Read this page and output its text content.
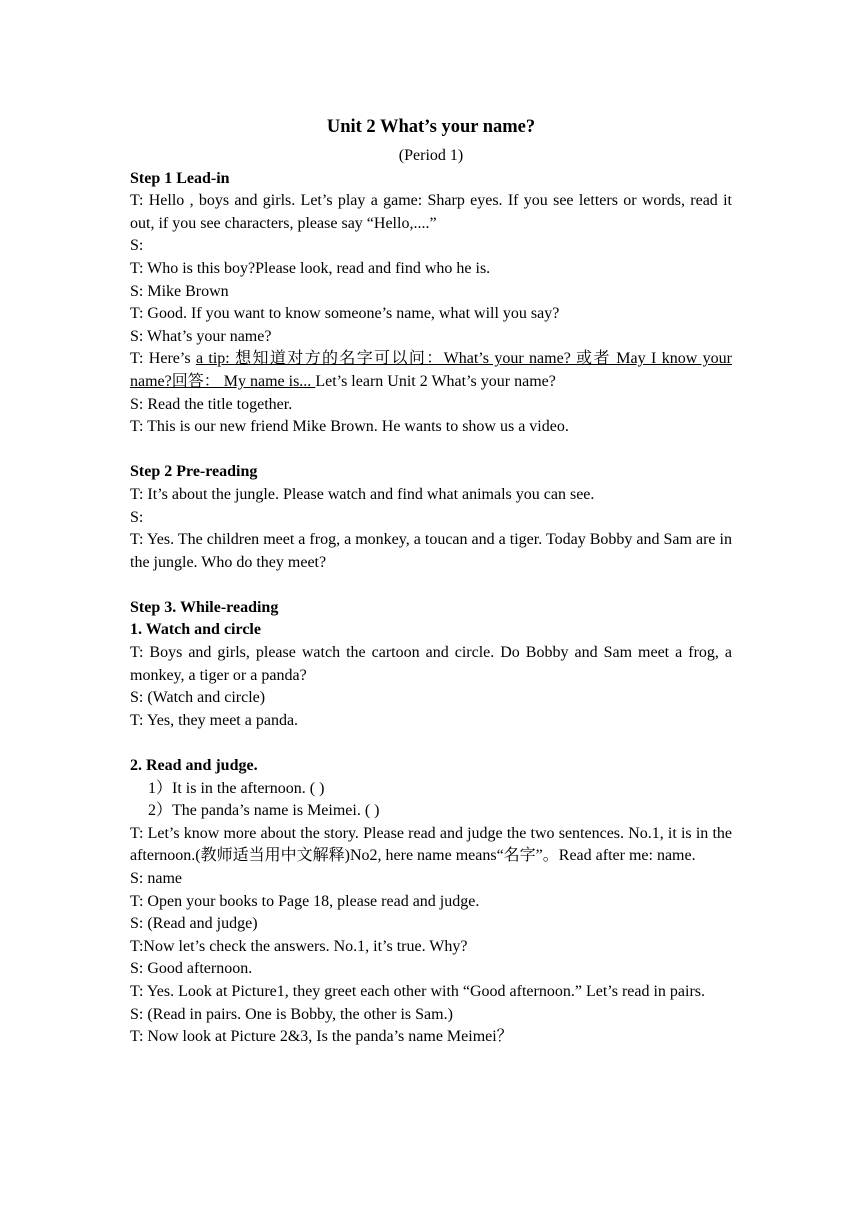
Unit 2 What’s your name?

(Period 1)

Step 1 Lead-in

T: Hello , boys and girls. Let’s play a game: Sharp eyes. If you see letters or words, read it out, if you see characters, please say “Hello,....”

S:

T: Who is this boy?Please look, read and find who he is.

S: Mike Brown

T: Good. If you want to know someone’s name, what will you say?

S: What’s your name?

T: Here’s a tip: 想知道对方的名字可以问：What’s your name? 或者 May I know your name?回答： My name is... Let’s learn Unit 2 What’s your name?

S: Read the title together.

T: This is our new friend Mike Brown. He wants to show us a video.

Step 2 Pre-reading

T: It’s about the jungle. Please watch and find what animals you can see.

S:

T: Yes. The children meet a frog, a monkey, a toucan and a tiger. Today Bobby and Sam are in the jungle. Who do they meet?

Step 3. While-reading

1. Watch and circle

T: Boys and girls, please watch the cartoon and circle. Do Bobby and Sam meet a frog, a monkey, a tiger or a panda?

S: (Watch and circle)

T: Yes, they meet a panda.

2. Read and judge.

1）It is in the afternoon. ( )

2）The panda’s name is Meimei. ( )

T: Let’s know more about the story. Please read and judge the two sentences. No.1, it is in the afternoon.(教师适当用中文解释)No2, here name means“名字”。Read after me: name.

S: name

T: Open your books to Page 18, please read and judge.

S: (Read and judge)

T:Now let’s check the answers. No.1, it’s true. Why?

S: Good afternoon.

T: Yes. Look at Picture1, they greet each other with “Good afternoon.” Let’s read in pairs.

S: (Read in pairs. One is Bobby, the other is Sam.)

T: Now look at Picture 2&3, Is the panda’s name Meimei？
